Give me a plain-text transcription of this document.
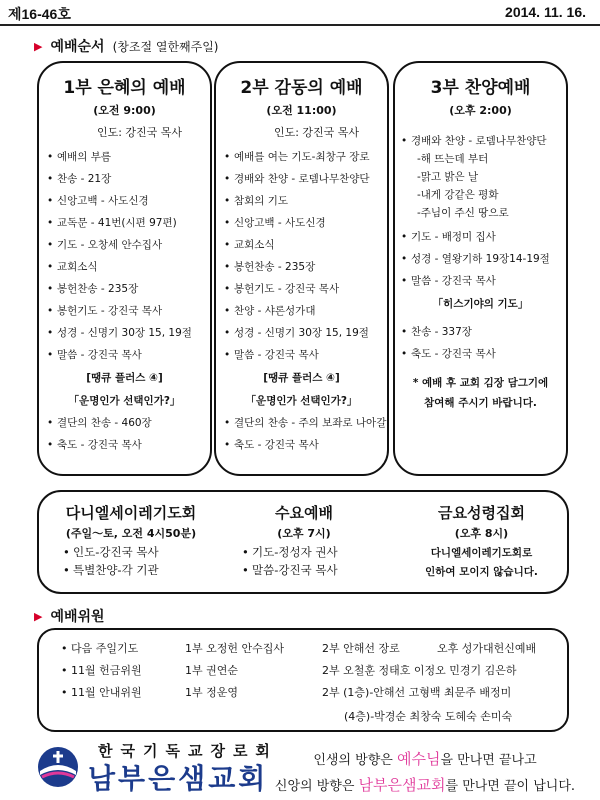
제16-46호	2014. 11. 16.
▶ 예배순서 (창조절 열한째주일)
1부 은혜의 예배
(오전 9:00)
인도: 강진국 목사
• 예배의 부름
• 찬송 - 21장
• 신앙고백 - 사도신경
• 교독문 - 41번(시편 97편)
• 기도 - 오창세 안수집사
• 교회소식
• 봉헌찬송 - 235장
• 봉헌기도 - 강진국 목사
• 성경 - 신명기 30장 15, 19절
• 말씀 - 강진국 목사
[땡큐 플러스 ④]
「운명인가 선택인가?」
• 결단의 찬송 - 460장
• 축도 - 강진국 목사
2부 감동의 예배
(오전 11:00)
인도: 강진국 목사
• 예배를 여는 기도-최창구 장로
• 경배와 찬양 - 로뎀나무찬양단
• 참회의 기도
• 신앙고백 - 사도신경
• 교회소식
• 봉헌찬송 - 235장
• 봉헌기도 - 강진국 목사
• 찬양 - 샤론성가대
• 성경 - 신명기 30장 15, 19절
• 말씀 - 강진국 목사
[땡큐 플러스 ④]
「운명인가 선택인가?」
• 결단의 찬송 - 주의 보좌로 나아갈
• 축도 - 강진국 목사
3부 찬양예배
(오후 2:00)
• 경배와 찬양 - 로뎀나무찬양단
-해 뜨는데 부터
-맑고 밝은 날
-내게 강같은 평화
-주님이 주신 땅으로
• 기도 - 배정미 집사
• 성경 - 열왕기하 19장14-19절
• 말씀 - 강진국 목사
「히스기야의 기도」
• 찬송 - 337장
• 축도 - 강진국 목사
* 예배 후 교회 김장 담그기에
참여해 주시기 바랍니다.
다니엘세이레기도회
(주일～토, 오전 4시50분)
• 인도-강진국 목사
• 특별찬양-각 기관
수요예배
(오후 7시)
• 기도-정성자 권사
• 말씀-강진국 목사
금요성령집회
(오후 8시)
다니엘세이레기도회로
인하여 모이지 않습니다.
▶ 예배위원
• 다음 주일기도	1부 오정헌 안수집사	2부 안해선 장로	오후 성가대헌신예배
• 11월 헌금위원	1부 권연순	2부 오철훈 정태호 이정오 민경기 김은하
• 11월 안내위원	1부 정운영	2부 (1층)-안해선 고형백 최문주 배정미
(4층)-박경순 최창숙 도혜숙 손미숙
한국기독교장로회
남부은샘교회
인생의 방향은 예수님을 만나면 끝나고
신앙의 방향은 남부은샘교회를 만나면 끝이 납니다.
